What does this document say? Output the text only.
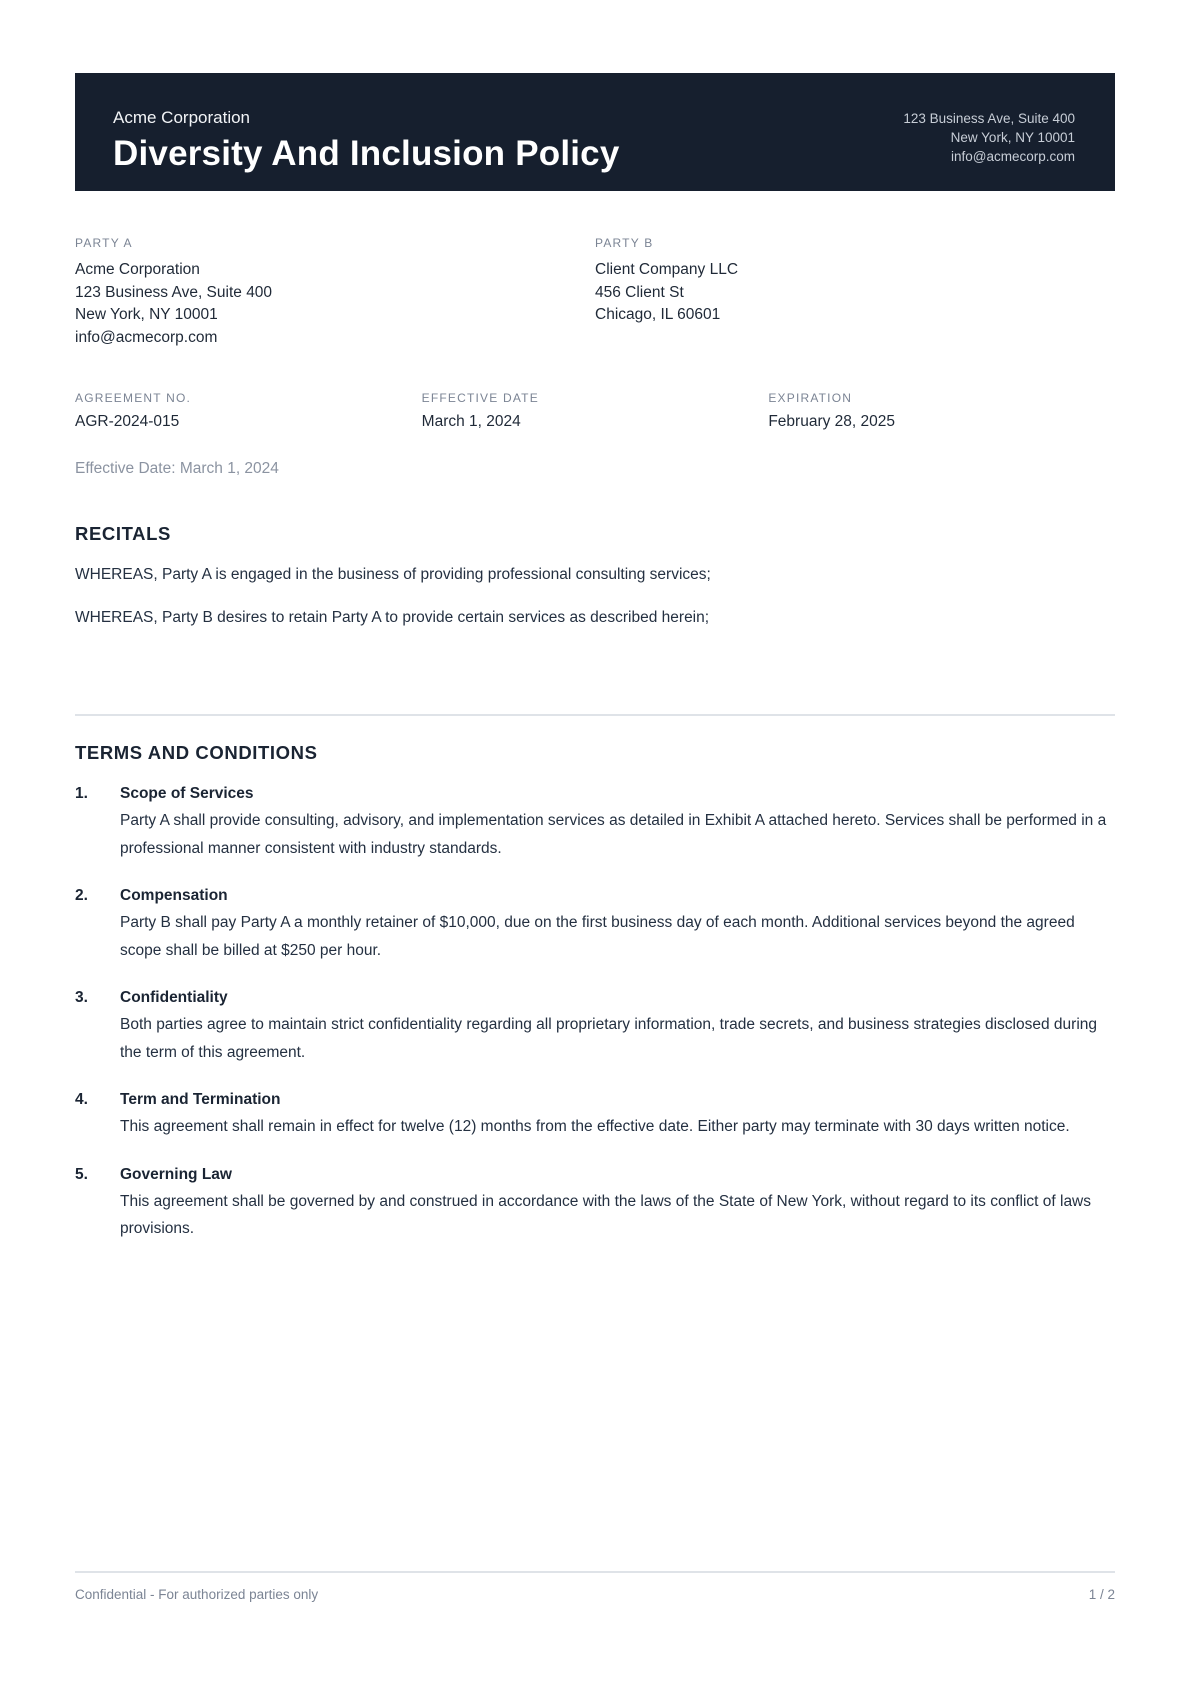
Acme Corporation
Diversity And Inclusion Policy
123 Business Ave, Suite 400
New York, NY 10001
info@acmecorp.com
PARTY A
Acme Corporation
123 Business Ave, Suite 400
New York, NY 10001
info@acmecorp.com
PARTY B
Client Company LLC
456 Client St
Chicago, IL 60601
AGREEMENT NO.
AGR-2024-015
EFFECTIVE DATE
March 1, 2024
EXPIRATION
February 28, 2025

Effective Date: March 1, 2024

RECITALS

WHEREAS, Party A is engaged in the business of providing professional consulting services;

WHEREAS, Party B desires to retain Party A to provide certain services as described herein;

TERMS AND CONDITIONS
1.	Scope of Services
Party A shall provide consulting, advisory, and implementation services as detailed in Exhibit A attached hereto. Services shall be performed in a professional manner consistent with industry standards.
2.	Compensation
Party B shall pay Party A a monthly retainer of $10,000, due on the first business day of each month. Additional services beyond the agreed scope shall be billed at $250 per hour.
3.	Confidentiality
Both parties agree to maintain strict confidentiality regarding all proprietary information, trade secrets, and business strategies disclosed during the term of this agreement.
4.	Term and Termination
This agreement shall remain in effect for twelve (12) months from the effective date. Either party may terminate with 30 days written notice.
5.	Governing Law
This agreement shall be governed by and construed in accordance with the laws of the State of New York, without regard to its conflict of laws provisions.
Confidential - For authorized parties only	1 / 2
